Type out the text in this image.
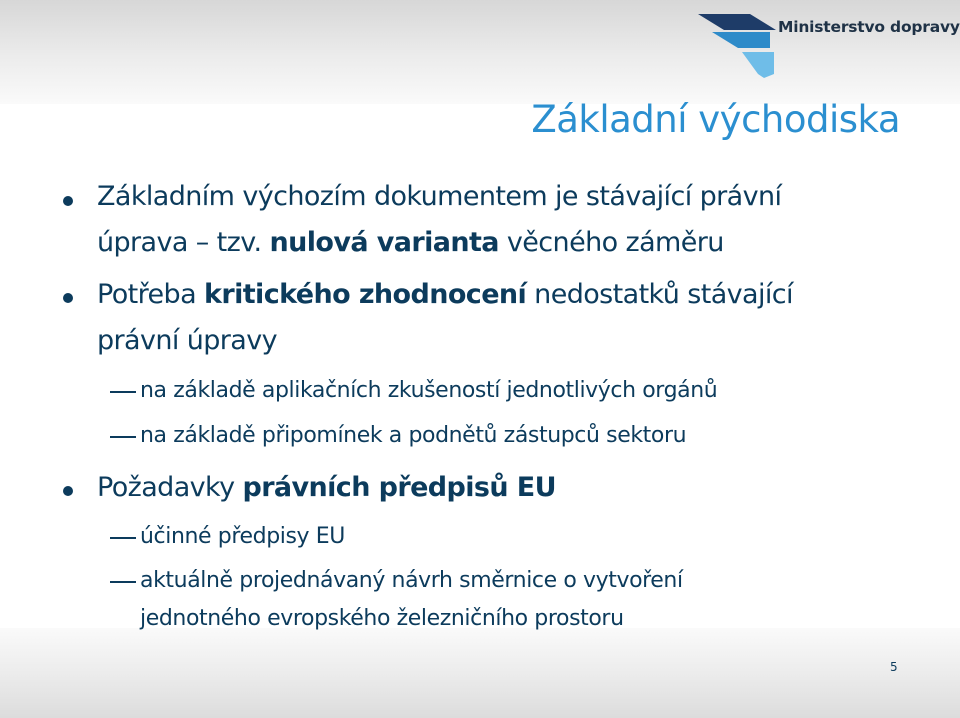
Ministerstvo dopravy
Základní východiska
Základním výchozím dokumentem je stávající právní
úprava – tzv. nulová varianta věcného záměru
Potřeba kritického zhodnocení nedostatků stávající
právní úpravy
na základě aplikačních zkušeností jednotlivých orgánů
na základě připomínek a podnětů zástupců sektoru
Požadavky právních předpisů EU
účinné předpisy EU
aktuálně projednávaný návrh směrnice o vytvoření
jednotného evropského železničního prostoru
5
